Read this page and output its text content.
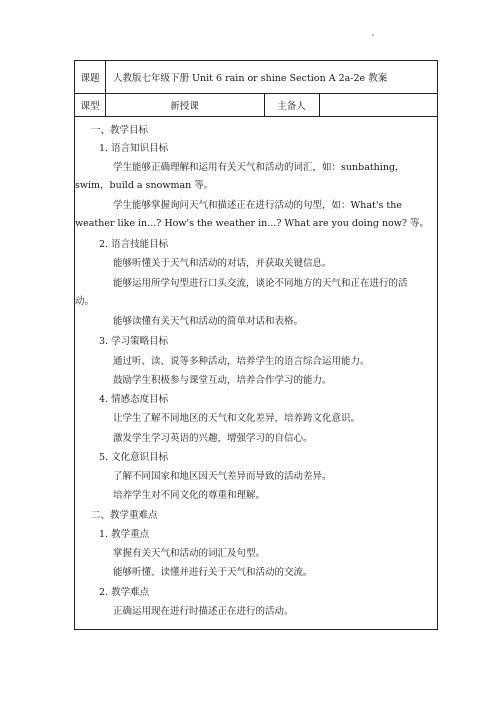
课题	人教版七年级下册 Unit 6 rain or shine Section A 2a-2e 教案
课型	新授课	主备人
一、教学目标
1. 语言知识目标
学生能够正确理解和运用有关天气和活动的词汇，如：sunbathing，
swim，build a snowman 等。
学生能够掌握询问天气和描述正在进行活动的句型，如：What's the
weather like in...? How's the weather in...? What are you doing now? 等。
2. 语言技能目标
能够听懂关于天气和活动的对话，并获取关键信息。
能够运用所学句型进行口头交流，谈论不同地方的天气和正在进行的活
动。
能够读懂有关天气和活动的简单对话和表格。
3. 学习策略目标
通过听、读、说等多种活动，培养学生的语言综合运用能力。
鼓励学生积极参与课堂互动，培养合作学习的能力。
4. 情感态度目标
让学生了解不同地区的天气和文化差异，培养跨文化意识。
激发学生学习英语的兴趣，增强学习的自信心。
5. 文化意识目标
了解不同国家和地区因天气差异而导致的活动差异。
培养学生对不同文化的尊重和理解。
二、教学重难点
1. 教学重点
掌握有关天气和活动的词汇及句型。
能够听懂、读懂并进行关于天气和活动的交流。
2. 教学难点
正确运用现在进行时描述正在进行的活动。
